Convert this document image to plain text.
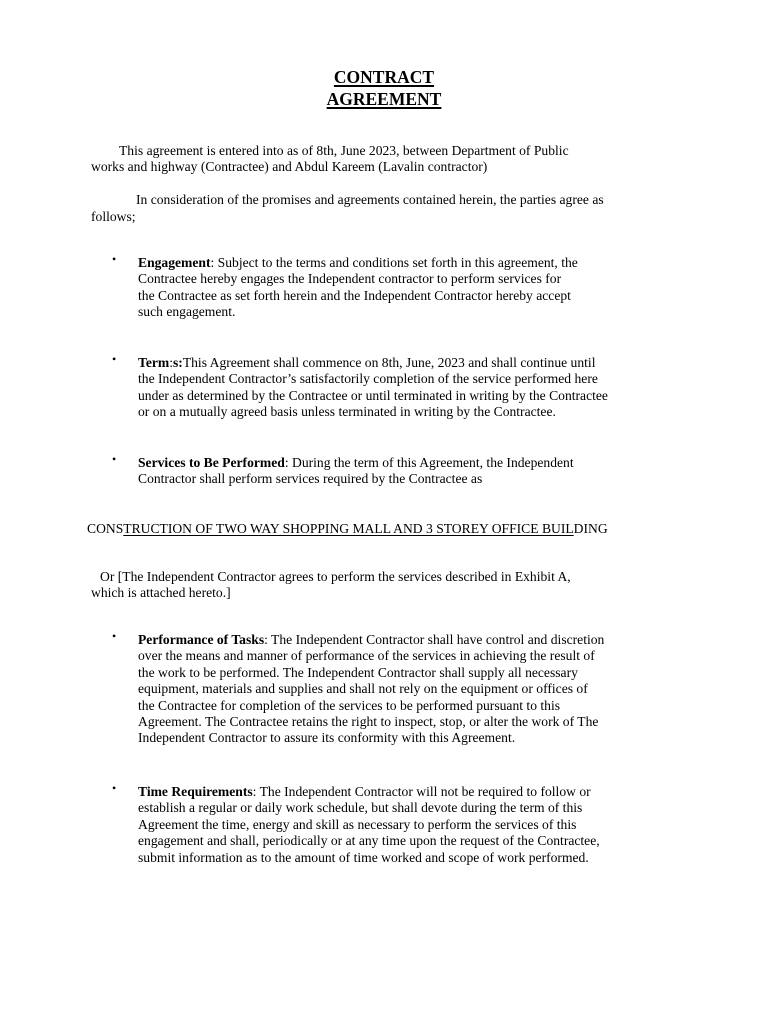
CONTRACT
AGREEMENT
This agreement is entered into as of 8th, June 2023, between Department of Public
works and highway (Contractee) and Abdul Kareem (Lavalin contractor)
In consideration of the promises and agreements contained herein, the parties agree as
follows;
• Engagement: Subject to the terms and conditions set forth in this agreement, the
Contractee hereby engages the Independent contractor to perform services for
the Contractee as set forth herein and the Independent Contractor hereby accept
such engagement.
• Term:s:This Agreement shall commence on 8th, June, 2023 and shall continue until
the Independent Contractor’s satisfactorily completion of the service performed here
under as determined by the Contractee or until terminated in writing by the Contractee
or on a mutually agreed basis unless terminated in writing by the Contractee.
• Services to Be Performed: During the term of this Agreement, the Independent
Contractor shall perform services required by the Contractee as
CONSTRUCTION OF TWO WAY SHOPPING MALL AND 3 STOREY OFFICE BUILDING
Or [The Independent Contractor agrees to perform the services described in Exhibit A,
which is attached hereto.]
• Performance of Tasks: The Independent Contractor shall have control and discretion
over the means and manner of performance of the services in achieving the result of
the work to be performed. The Independent Contractor shall supply all necessary
equipment, materials and supplies and shall not rely on the equipment or offices of
the Contractee for completion of the services to be performed pursuant to this
Agreement. The Contractee retains the right to inspect, stop, or alter the work of The
Independent Contractor to assure its conformity with this Agreement.
• Time Requirements: The Independent Contractor will not be required to follow or
establish a regular or daily work schedule, but shall devote during the term of this
Agreement the time, energy and skill as necessary to perform the services of this
engagement and shall, periodically or at any time upon the request of the Contractee,
submit information as to the amount of time worked and scope of work performed.
